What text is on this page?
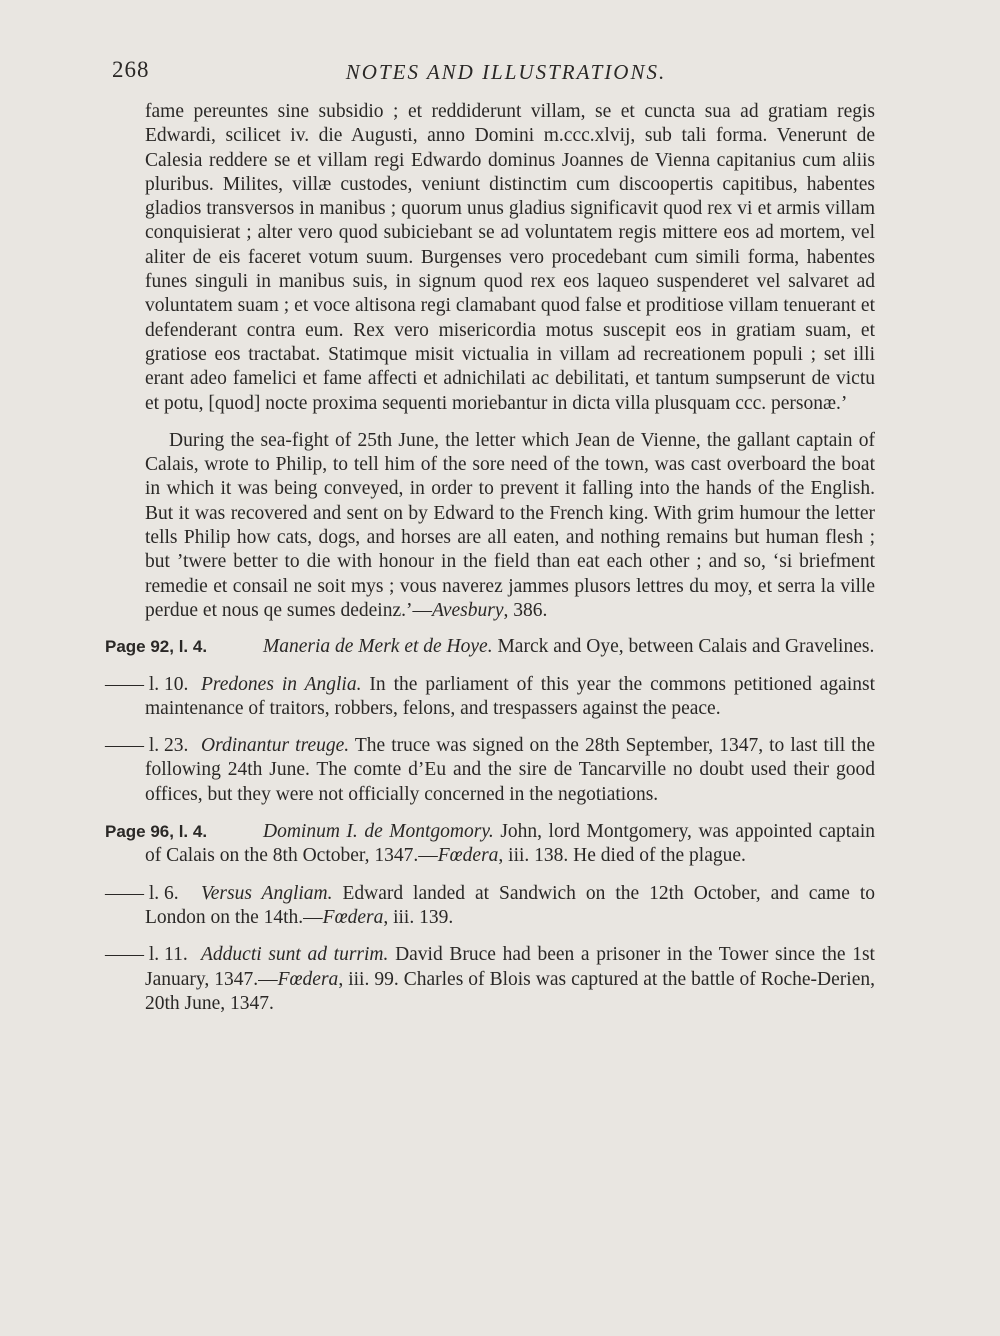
268	NOTES AND ILLUSTRATIONS.

fame pereuntes sine subsidio ; et reddiderunt villam, se et cuncta sua ad gratiam regis Edwardi, scilicet iv. die Augusti, anno Domini m.ccc.xlvij, sub tali forma. Venerunt de Calesia reddere se et villam regi Edwardo dominus Joannes de Vienna capitanius cum aliis pluribus. Milites, villæ custodes, veniunt distinctim cum discoopertis capitibus, habentes gladios transversos in manibus ; quorum unus gladius significavit quod rex vi et armis villam conquisierat ; alter vero quod subiciebant se ad voluntatem regis mittere eos ad mortem, vel aliter de eis faceret votum suum. Burgenses vero procedebant cum simili forma, habentes funes singuli in manibus suis, in signum quod rex eos laqueo suspenderet vel salvaret ad voluntatem suam ; et voce altisona regi clamabant quod false et proditiose villam tenuerant et defenderant contra eum. Rex vero misericordia motus suscepit eos in gratiam suam, et gratiose eos tractabat. Statimque misit victualia in villam ad recreationem populi ; set illi erant adeo famelici et fame affecti et adnichilati ac debilitati, et tantum sumpserunt de victu et potu, [quod] nocte proxima sequenti moriebantur in dicta villa plusquam ccc. personæ.’

During the sea-fight of 25th June, the letter which Jean de Vienne, the gallant captain of Calais, wrote to Philip, to tell him of the sore need of the town, was cast overboard the boat in which it was being conveyed, in order to prevent it falling into the hands of the English. But it was recovered and sent on by Edward to the French king. With grim humour the letter tells Philip how cats, dogs, and horses are all eaten, and nothing remains but human flesh ; but ’twere better to die with honour in the field than eat each other ; and so, ‘si briefment remedie et consail ne soit mys ; vous naverez jammes plusors lettres du moy, et serra la ville perdue et nous qe sumes dedeinz.’—Avesbury, 386.

Page 92, l. 4.	Maneria de Merk et de Hoye. Marck and Oye, between Calais and Gravelines.

—— l. 10. Predones in Anglia. In the parliament of this year the commons petitioned against maintenance of traitors, robbers, felons, and trespassers against the peace.

—— l. 23. Ordinantur treuge. The truce was signed on the 28th September, 1347, to last till the following 24th June. The comte d’Eu and the sire de Tancarville no doubt used their good offices, but they were not officially concerned in the negotiations.

Page 96, l. 4.	Dominum I. de Montgomory. John, lord Montgomery, was appointed captain of Calais on the 8th October, 1347.—Fœdera, iii. 138. He died of the plague.

—— l. 6. Versus Angliam. Edward landed at Sandwich on the 12th October, and came to London on the 14th.—Fœdera, iii. 139.

—— l. 11. Adducti sunt ad turrim. David Bruce had been a prisoner in the Tower since the 1st January, 1347.—Fœdera, iii. 99. Charles of Blois was captured at the battle of Roche-Derien, 20th June, 1347.
